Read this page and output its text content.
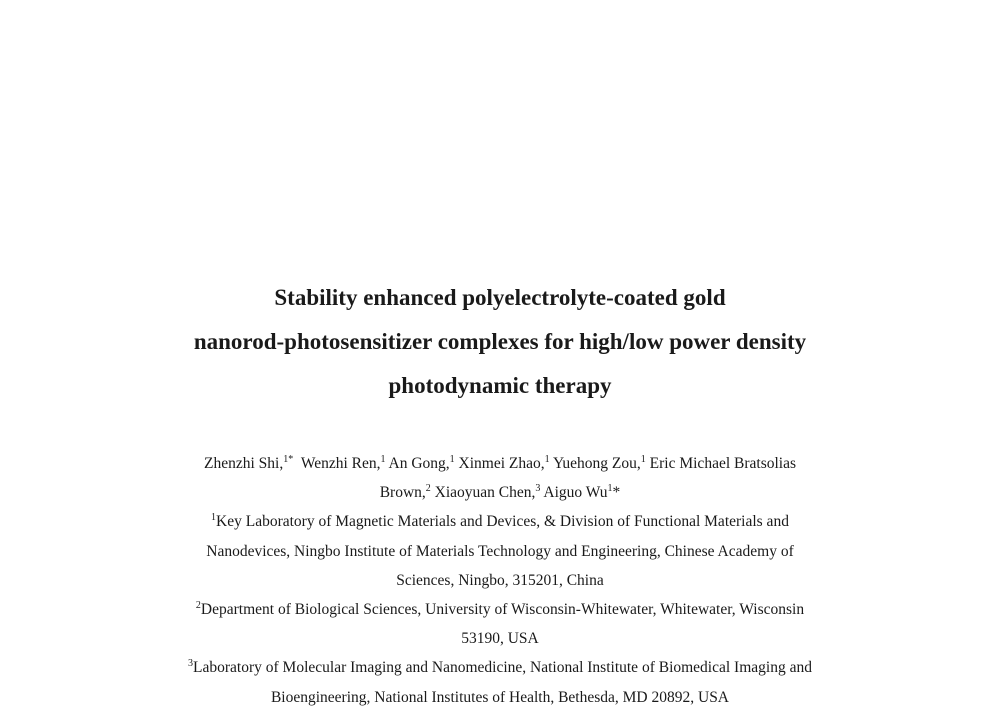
Stability enhanced polyelectrolyte-coated gold
nanorod-photosensitizer complexes for high/low power density
photodynamic therapy
Zhenzhi Shi,$^{1*}$ Wenzhi Ren,$^1$ An Gong,$^1$ Xinmei Zhao,$^1$ Yuehong Zou,$^1$ Eric Michael Bratsolias
Brown,$^2$ Xiaoyuan Chen,$^3$ Aiguo Wu$^1$*
$^1$Key Laboratory of Magnetic Materials and Devices, & Division of Functional Materials and
Nanodevices, Ningbo Institute of Materials Technology and Engineering, Chinese Academy of
Sciences, Ningbo, 315201, China
$^2$Department of Biological Sciences, University of Wisconsin-Whitewater, Whitewater, Wisconsin
53190, USA
$^3$Laboratory of Molecular Imaging and Nanomedicine, National Institute of Biomedical Imaging and
Bioengineering, National Institutes of Health, Bethesda, MD 20892, USA
